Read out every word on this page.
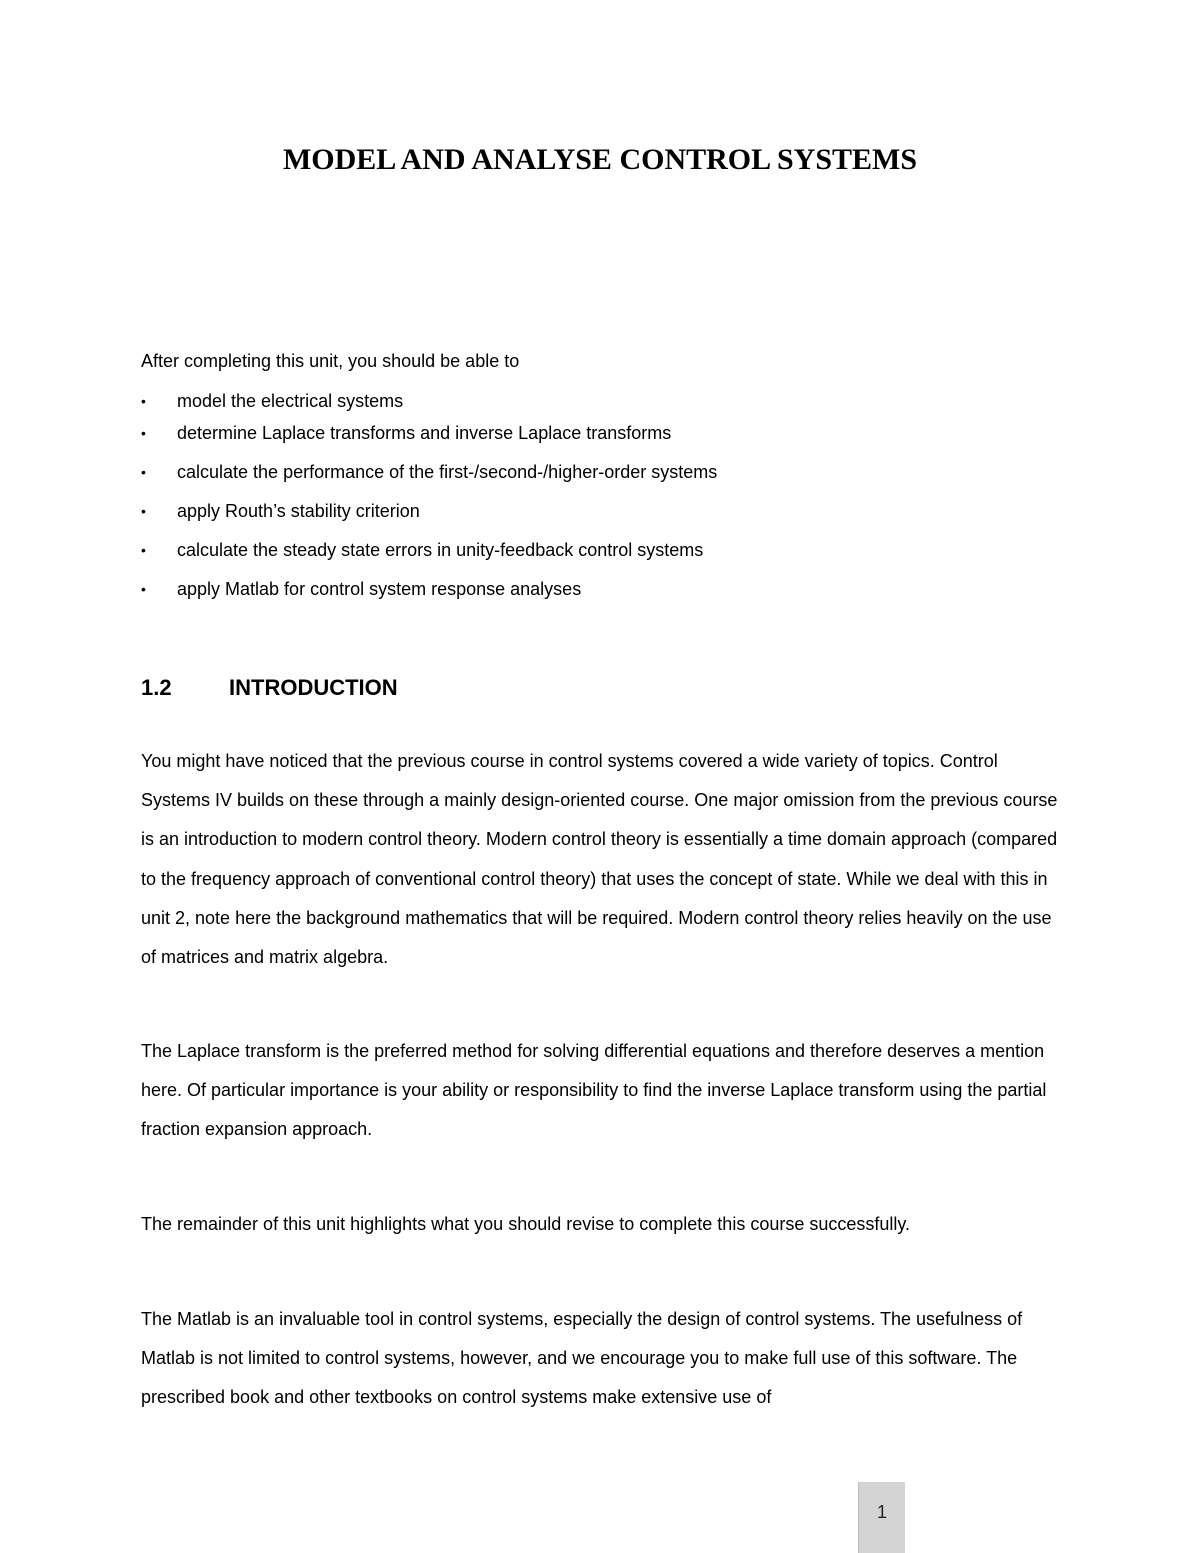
MODEL AND ANALYSE CONTROL SYSTEMS

After completing this unit, you should be able to

• model the electrical systems
• determine Laplace transforms and inverse Laplace transforms
• calculate the performance of the first-/second-/higher-order systems
• apply Routh’s stability criterion
• calculate the steady state errors in unity-feedback control systems
• apply Matlab for control system response analyses
1.2	INTRODUCTION

You might have noticed that the previous course in control systems covered a wide variety of topics. Control Systems IV builds on these through a mainly design-oriented course. One major omission from the previous course is an introduction to modern control theory. Modern control theory is essentially a time domain approach (compared to the frequency approach of conventional control theory) that uses the concept of state. While we deal with this in unit 2, note here the background mathematics that will be required. Modern control theory relies heavily on the use of matrices and matrix algebra.

The Laplace transform is the preferred method for solving differential equations and therefore deserves a mention here. Of particular importance is your ability or responsibility to find the inverse Laplace transform using the partial fraction expansion approach.

The remainder of this unit highlights what you should revise to complete this course successfully.

The Matlab is an invaluable tool in control systems, especially the design of control systems. The usefulness of Matlab is not limited to control systems, however, and we encourage you to make full use of this software. The prescribed book and other textbooks on control systems make extensive use of

1
